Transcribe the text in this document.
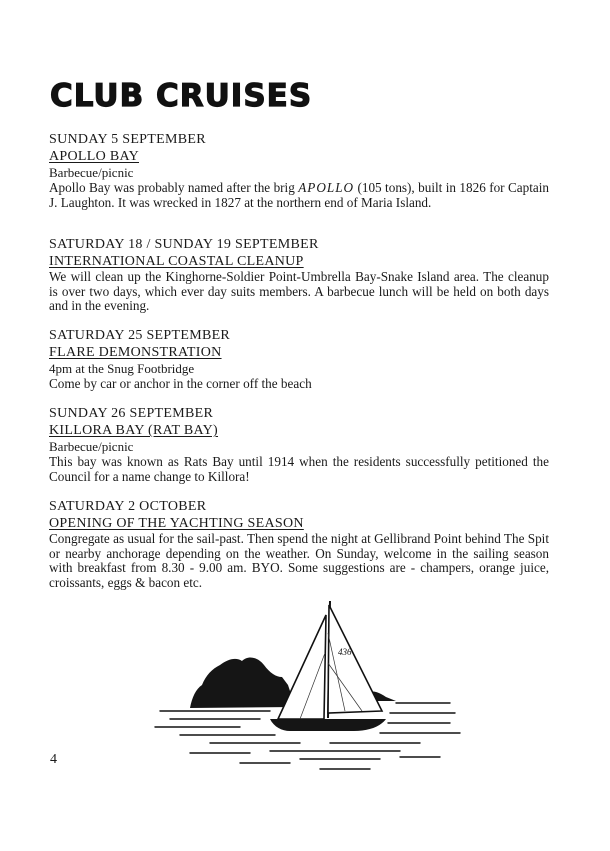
CLUB CRUISES
SUNDAY 5 SEPTEMBER
APOLLO BAY
Barbecue/picnic
Apollo Bay was probably named after the brig APOLLO (105 tons), built in 1826 for Captain J. Laughton. It was wrecked in 1827 at the northern end of Maria Island.
SATURDAY 18 / SUNDAY 19 SEPTEMBER
INTERNATIONAL COASTAL CLEANUP
We will clean up the Kinghorne-Soldier Point-Umbrella Bay-Snake Island area. The cleanup is over two days, which ever day suits members. A barbecue lunch will be held on both days and in the evening.
SATURDAY 25 SEPTEMBER
FLARE DEMONSTRATION
4pm at the Snug Footbridge
Come by car or anchor in the corner off the beach
SUNDAY 26 SEPTEMBER
KILLORA BAY (RAT BAY)
Barbecue/picnic
This bay was known as Rats Bay until 1914 when the residents successfully petitioned the Council for a name change to Killora!
SATURDAY 2 OCTOBER
OPENING OF THE YACHTING SEASON
Congregate as usual for the sail-past. Then spend the night at Gellibrand Point behind The Spit or nearby anchorage depending on the weather. On Sunday, welcome in the sailing season with breakfast from 8.30 - 9.00 am. BYO. Some suggestions are - champers, orange juice, croissants, eggs & bacon etc.
436
4
